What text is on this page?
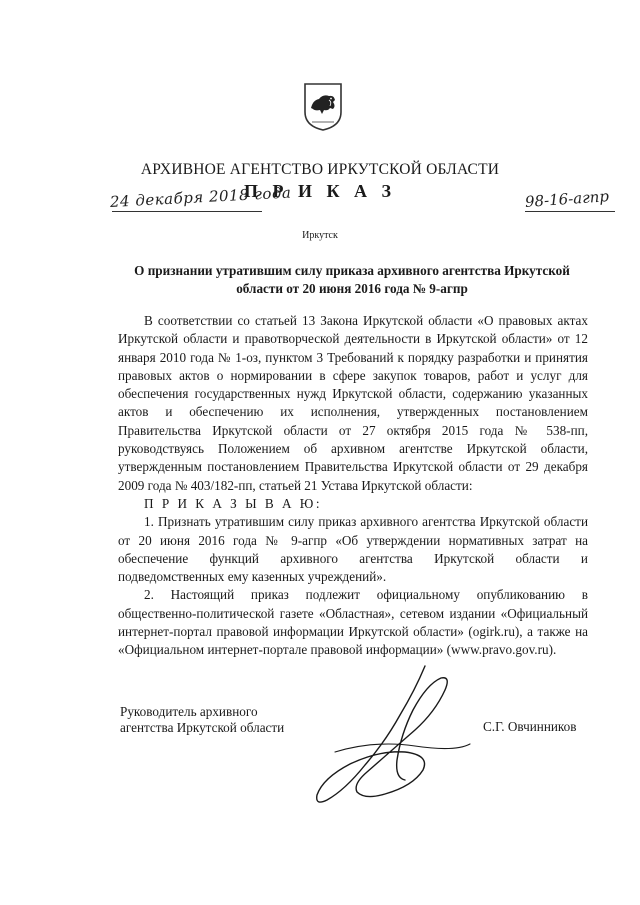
АРХИВНОЕ АГЕНТСТВО ИРКУТСКОЙ ОБЛАСТИ
П Р И К А З
24 декабря 2018 года	98-16-агпр
Иркутск
О признании утратившим силу приказа архивного агентства Иркутской области от 20 июня 2016 года № 9-агпр

В соответствии со статьей 13 Закона Иркутской области «О правовых актах Иркутской области и правотворческой деятельности в Иркутской области» от 12 января 2010 года № 1-оз, пунктом 3 Требований к порядку разработки и принятия правовых актов о нормировании в сфере закупок товаров, работ и услуг для обеспечения государственных нужд Иркутской области, содержанию указанных актов и обеспечению их исполнения, утвержденных постановлением Правительства Иркутской области от 27 октября 2015 года № 538-пп, руководствуясь Положением об архивном агентстве Иркутской области, утвержденным постановлением Правительства Иркутской области от 29 декабря 2009 года № 403/182-пп, статьей 21 Устава Иркутской области:

П Р И К А З Ы В А Ю:

1. Признать утратившим силу приказ архивного агентства Иркутской области от 20 июня 2016 года № 9-агпр «Об утверждении нормативных затрат на обеспечение функций архивного агентства Иркутской области и подведомственных ему казенных учреждений».

2. Настоящий приказ подлежит официальному опубликованию в общественно-политической газете «Областная», сетевом издании «Официальный интернет-портал правовой информации Иркутской области» (ogirk.ru), а также на «Официальном интернет-портале правовой информации» (www.pravo.gov.ru).

Руководитель архивного
агентства Иркутской области	С.Г. Овчинников
